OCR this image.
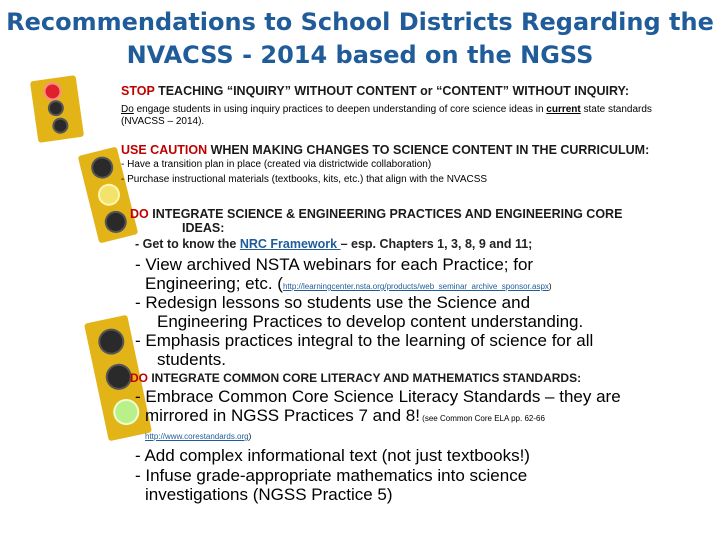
Recommendations to School Districts Regarding the
NVACSS - 2014 based on the NGSS
STOP TEACHING “INQUIRY” WITHOUT CONTENT or “CONTENT” WITHOUT INQUIRY:
Do engage students in using inquiry practices to deepen understanding of core science ideas in current state standards (NVACSS – 2014).
USE CAUTION WHEN MAKING CHANGES TO SCIENCE CONTENT IN THE CURRICULUM:
- Have a transition plan in place (created via districtwide collaboration)
- Purchase instructional materials (textbooks, kits, etc.) that align with the NVACSS
DO INTEGRATE SCIENCE & ENGINEERING PRACTICES AND ENGINEERING CORE
IDEAS:
- Get to know the NRC Framework – esp. Chapters 1, 3, 8, 9 and 11;
- View archived NSTA webinars for each Practice; for
Engineering; etc. (http://learningcenter.nsta.org/products/web_seminar_archive_sponsor.aspx)
- Redesign lessons so students use the Science and
Engineering Practices to develop content understanding.
- Emphasis practices integral to the learning of science for all
students.
DO INTEGRATE COMMON CORE LITERACY AND MATHEMATICS STANDARDS:
- Embrace Common Core Science Literacy Standards – they are
mirrored in NGSS Practices 7 and 8! (see Common Core ELA pp. 62-66
http://www.corestandards.org)
- Add complex informational text (not just textbooks!)
- Infuse grade-appropriate mathematics into science
investigations (NGSS Practice 5)
